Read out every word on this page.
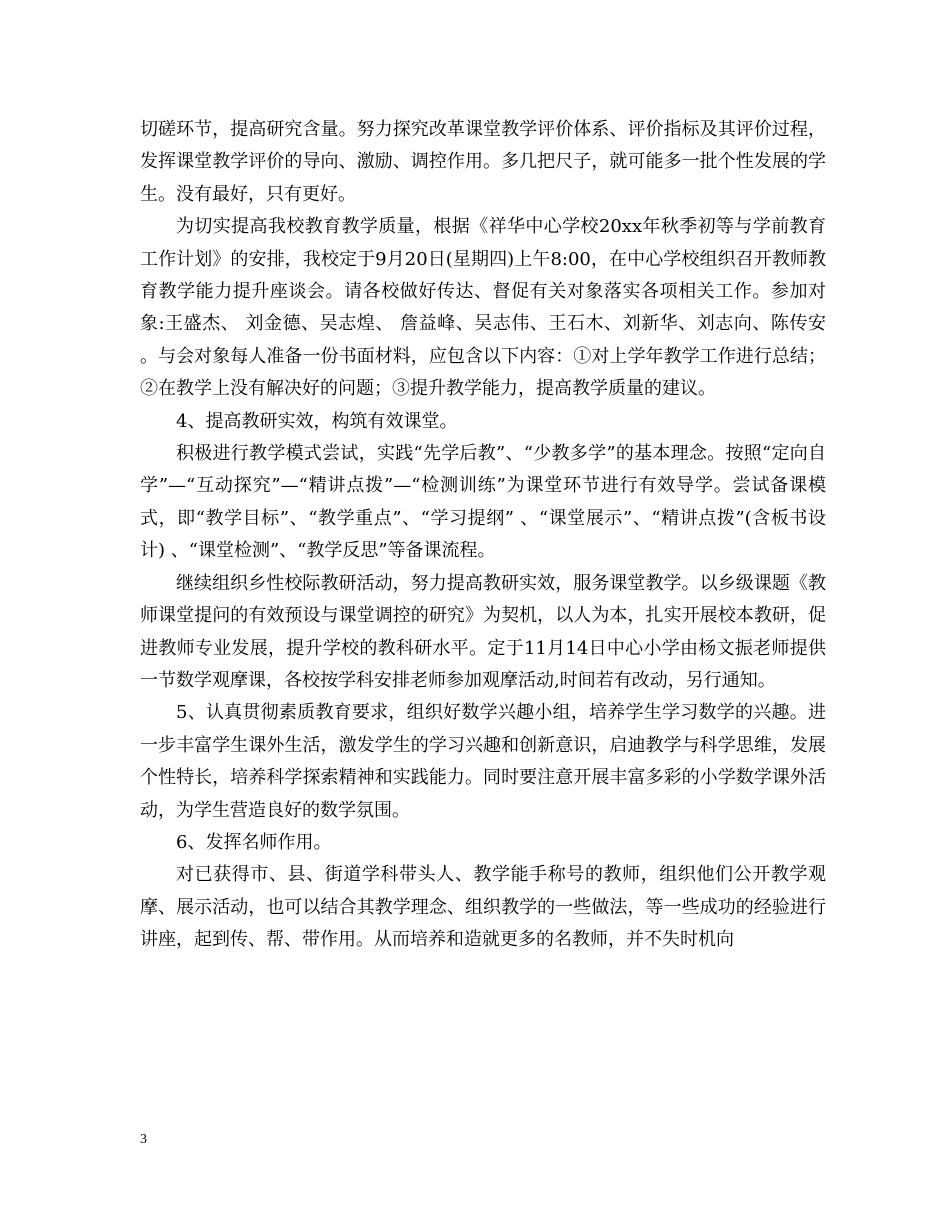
切磋环节，提高研究含量。努力探究改革课堂教学评价体系、评价指标及其评价过程，发挥课堂教学评价的导向、激励、调控作用。多几把尺子，就可能多一批个性发展的学生。没有最好，只有更好。

为切实提高我校教育教学质量，根据《祥华中心学校20xx年秋季初等与学前教育工作计划》的安排，我校定于9月20日(星期四)上午8:00，在中心学校组织召开教师教育教学能力提升座谈会。请各校做好传达、督促有关对象落实各项相关工作。参加对象:王盛杰、 刘金德、吴志煌、 詹益峰、吴志伟、王石木、刘新华、刘志向、陈传安 。与会对象每人准备一份书面材料，应包含以下内容：①对上学年教学工作进行总结；②在教学上没有解决好的问题；③提升教学能力，提高教学质量的建议。

4、提高教研实效，构筑有效课堂。

积极进行教学模式尝试，实践“先学后教”、“少教多学”的基本理念。按照“定向自学”—“互动探究”—“精讲点拨”—“检测训练”为课堂环节进行有效导学。尝试备课模式，即“教学目标”、“教学重点”、“学习提纲” 、“课堂展示”、“精讲点拨”(含板书设计) 、“课堂检测”、“教学反思”等备课流程。

继续组织乡性校际教研活动，努力提高教研实效，服务课堂教学。以乡级课题《教师课堂提问的有效预设与课堂调控的研究》为契机，以人为本，扎实开展校本教研，促进教师专业发展，提升学校的教科研水平。定于11月14日中心小学由杨文振老师提供一节数学观摩课，各校按学科安排老师参加观摩活动,时间若有改动，另行通知。

5、认真贯彻素质教育要求，组织好数学兴趣小组，培养学生学习数学的兴趣。进一步丰富学生课外生活，激发学生的学习兴趣和创新意识，启迪教学与科学思维，发展个性特长，培养科学探索精神和实践能力。同时要注意开展丰富多彩的小学数学课外活动，为学生营造良好的数学氛围。

6、发挥名师作用。

对已获得市、县、街道学科带头人、教学能手称号的教师，组织他们公开教学观摩、展示活动，也可以结合其教学理念、组织教学的一些做法，等一些成功的经验进行讲座，起到传、帮、带作用。从而培养和造就更多的名教师，并不失时机向

3
